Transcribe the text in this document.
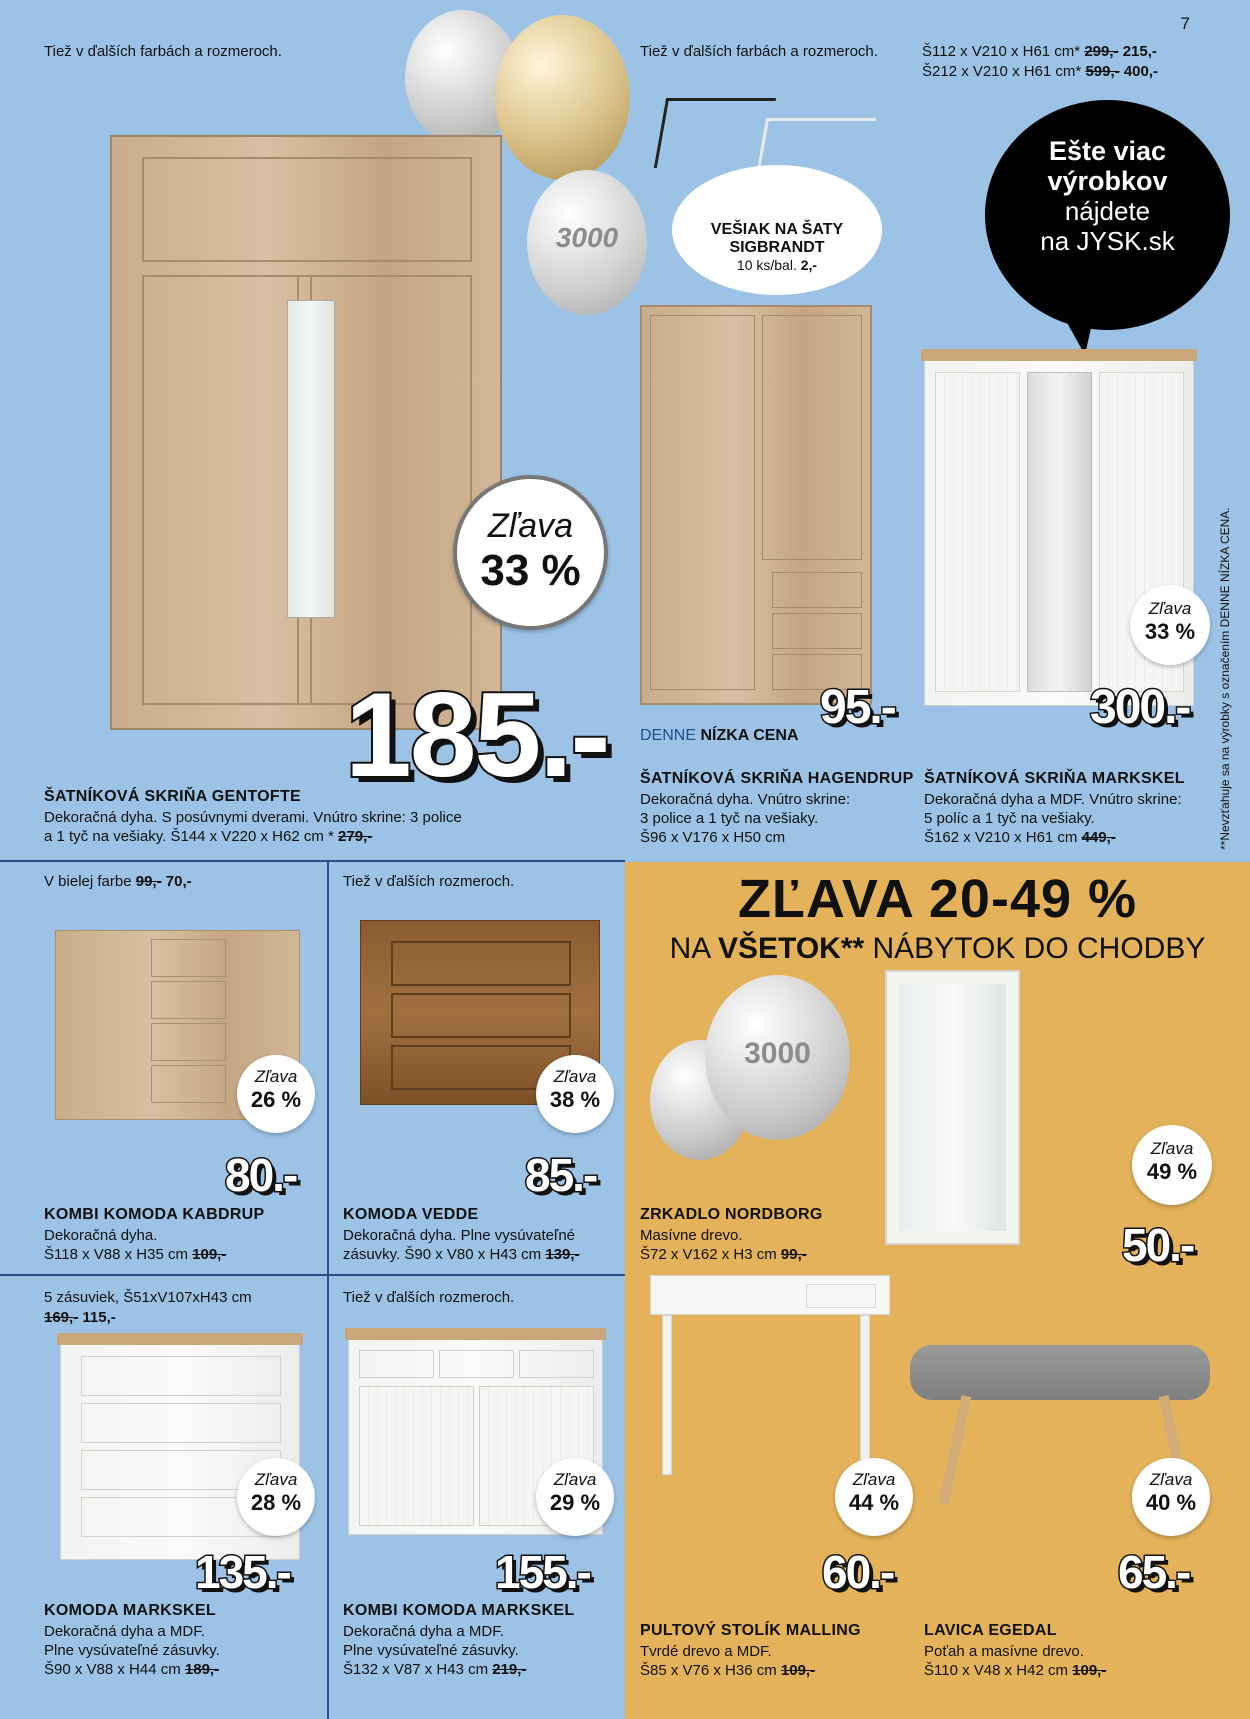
7
Tiež v ďalších farbách a rozmeroch.	Tiež v ďalších farbách a rozmeroch.	Š112 x V210 x H61 cm* 299,- 215,-
Š212 x V210 x H61 cm* 599,- 400,-
3000
Zľava
33 %
185.-
ŠATNÍKOVÁ SKRIŇA GENTOFTE
Dekoračná dyha. S posúvnymi dverami. Vnútro skrine: 3 police
a 1 tyč na vešiaky. Š144 x V220 x H62 cm * 279,-
VEŠIAK NA ŠATY
SIGBRANDT
10 ks/bal. 2,-
Ešte viac
výrobkov
nájdete
na JYSK.sk
95.-
DENNE NÍZKA CENA
ŠATNÍKOVÁ SKRIŇA HAGENDRUP
Dekoračná dyha. Vnútro skrine:
3 police a 1 tyč na vešiaky.
Š96 x V176 x H50 cm
Zľava
33 %
300.-
ŠATNÍKOVÁ SKRIŇA MARKSKEL
Dekoračná dyha a MDF. Vnútro skrine:
5 políc a 1 tyč na vešiaky.
Š162 x V210 x H61 cm 449,-	**Nevzťahuje sa na výrobky s označením DENNE NÍZKA CENA.
ZĽAVA 20-49 %
NA VŠETOK** NÁBYTOK DO CHODBY
V bielej farbe 99,- 70,-
Zľava
26 %
80.-
KOMBI KOMODA KABDRUP
Dekoračná dyha.
Š118 x V88 x H35 cm 109,-
Tiež v ďalších rozmeroch.
Zľava
38 %
85.-
KOMODA VEDDE
Dekoračná dyha. Plne vysúvateľné
zásuvky. Š90 x V80 x H43 cm 139,-
3000
Zľava
49 %
50.-
ZRKADLO NORDBORG
Masívne drevo.
Š72 x V162 x H3 cm 99,-
5 zásuviek, Š51xV107xH43 cm
169,- 115,-
Zľava
28 %
135.-
KOMODA MARKSKEL
Dekoračná dyha a MDF.
Plne vysúvateľné zásuvky.
Š90 x V88 x H44 cm 189,-
Tiež v ďalších rozmeroch.
Zľava
29 %
155.-
KOMBI KOMODA MARKSKEL
Dekoračná dyha a MDF.
Plne vysúvateľné zásuvky.
Š132 x V87 x H43 cm 219,-
Zľava
44 %
60.-
PULTOVÝ STOLÍK MALLING
Tvrdé drevo a MDF.
Š85 x V76 x H36 cm 109,-
Zľava
40 %
65.-
LAVICA EGEDAL
Poťah a masívne drevo.
Š110 x V48 x H42 cm 109,-
